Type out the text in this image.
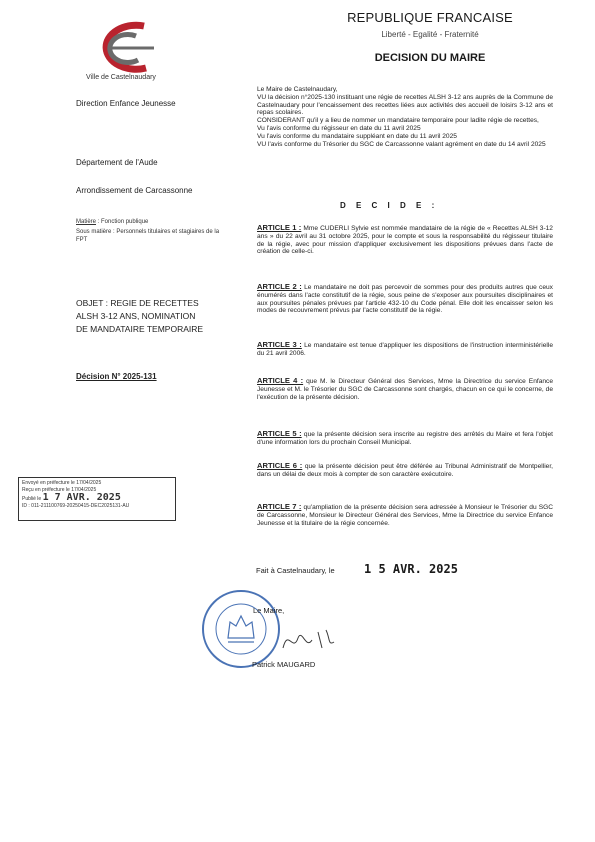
Ville de Castelnaudary
REPUBLIQUE FRANCAISE
Liberté - Egalité - Fraternité
DECISION DU MAIRE
Direction Enfance Jeunesse
Département de l'Aude
Arrondissement de Carcassonne
Matière : Fonction publique
Sous matière : Personnels titulaires et stagiaires de la FPT
OBJET : REGIE DE RECETTES
ALSH 3-12 ANS, NOMINATION
DE MANDATAIRE TEMPORAIRE
Décision N° 2025-131
Le Maire de Castelnaudary,
VU la décision n°2025-130 instituant une régie de recettes ALSH 3-12 ans auprès de la Commune de Castelnaudary pour l'encaissement des recettes liées aux activités des accueil de loisirs 3-12 ans et repas scolaires.
CONSIDERANT qu'il y a lieu de nommer un mandataire temporaire pour ladite régie de recettes,
Vu l'avis conforme du régisseur en date du 11 avril 2025
Vu l'avis conforme du mandataire suppléant en date du 11 avril 2025
VU l'avis conforme du Trésorier du SGC de Carcassonne valant agrément en date du 14 avril 2025
D E C I D E :
ARTICLE 1 : Mme CUDERLI Sylvie est nommée mandataire de la régie de « Recettes ALSH 3-12 ans » du 22 avril au 31 octobre 2025, pour le compte et sous la responsabilité du régisseur titulaire de la régie, avec pour mission d'appliquer exclusivement les dispositions prévues dans l'acte de création de celle-ci.
ARTICLE 2 : Le mandataire ne doit pas percevoir de sommes pour des produits autres que ceux énumérés dans l'acte constitutif de la régie, sous peine de s'exposer aux poursuites disciplinaires et aux poursuites pénales prévues par l'article 432-10 du Code pénal. Elle doit les encaisser selon les modes de recouvrement prévus par l'acte constitutif de la régie.
ARTICLE 3 : Le mandataire est tenue d'appliquer les dispositions de l'instruction interministérielle du 21 avril 2006.
ARTICLE 4 : que M. le Directeur Général des Services, Mme la Directrice du service Enfance Jeunesse et M. le Trésorier du SGC de Carcassonne sont chargés, chacun en ce qui le concerne, de l'exécution de la présente décision.
ARTICLE 5 : que la présente décision sera inscrite au registre des arrêtés du Maire et fera l'objet d'une information lors du prochain Conseil Municipal.
ARTICLE 6 : que la présente décision peut être déférée au Tribunal Administratif de Montpellier, dans un délai de deux mois à compter de son caractère exécutoire.
ARTICLE 7 : qu'ampliation de la présente décision sera adressée à Monsieur le Trésorier du SGC de Carcassonne, Monsieur le Directeur Général des Services, Mme la Directrice du service Enfance Jeunesse et la titulaire de la régie concernée.
Envoyé en préfecture le 17/04/2025
Reçu en préfecture le 17/04/2025
Publié le 1 7 AVR. 2025
ID : 011-211100769-20250415-DEC2025131-AU
Fait à Castelnaudary, le 1 5 AVR. 2025
Le Maire,
Patrick MAUGARD
